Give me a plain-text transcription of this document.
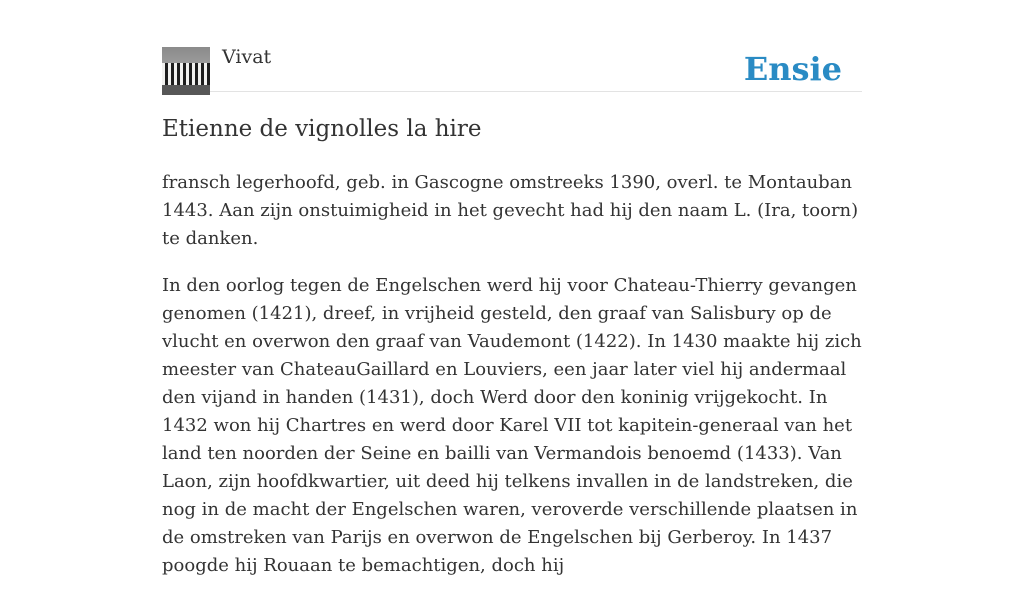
Vivat	Ensie
Etienne de vignolles la hire

fransch legerhoofd, geb. in Gascogne omstreeks 1390, overl. te Montauban 1443. Aan zijn onstuimigheid in het gevecht had hij den naam L. (Ira, toorn) te danken.

In den oorlog tegen de Engelschen werd hij voor Chateau-Thierry gevangen genomen (1421), dreef, in vrijheid gesteld, den graaf van Salisbury op de vlucht en overwon den graaf van Vaudemont (1422). In 1430 maakte hij zich meester van ChateauGaillard en Louviers, een jaar later viel hij andermaal den vijand in handen (1431), doch Werd door den koninig vrijgekocht. In 1432 won hij Chartres en werd door Karel VII tot kapitein-generaal van het land ten noorden der Seine en bailli van Vermandois benoemd (1433). Van Laon, zijn hoofdkwartier, uit deed hij telkens invallen in de landstreken, die nog in de macht der Engelschen waren, veroverde verschillende plaatsen in de omstreken van Parijs en overwon de Engelschen bij Gerberoy. In 1437 poogde hij Rouaan te bemachtigen, doch hij
